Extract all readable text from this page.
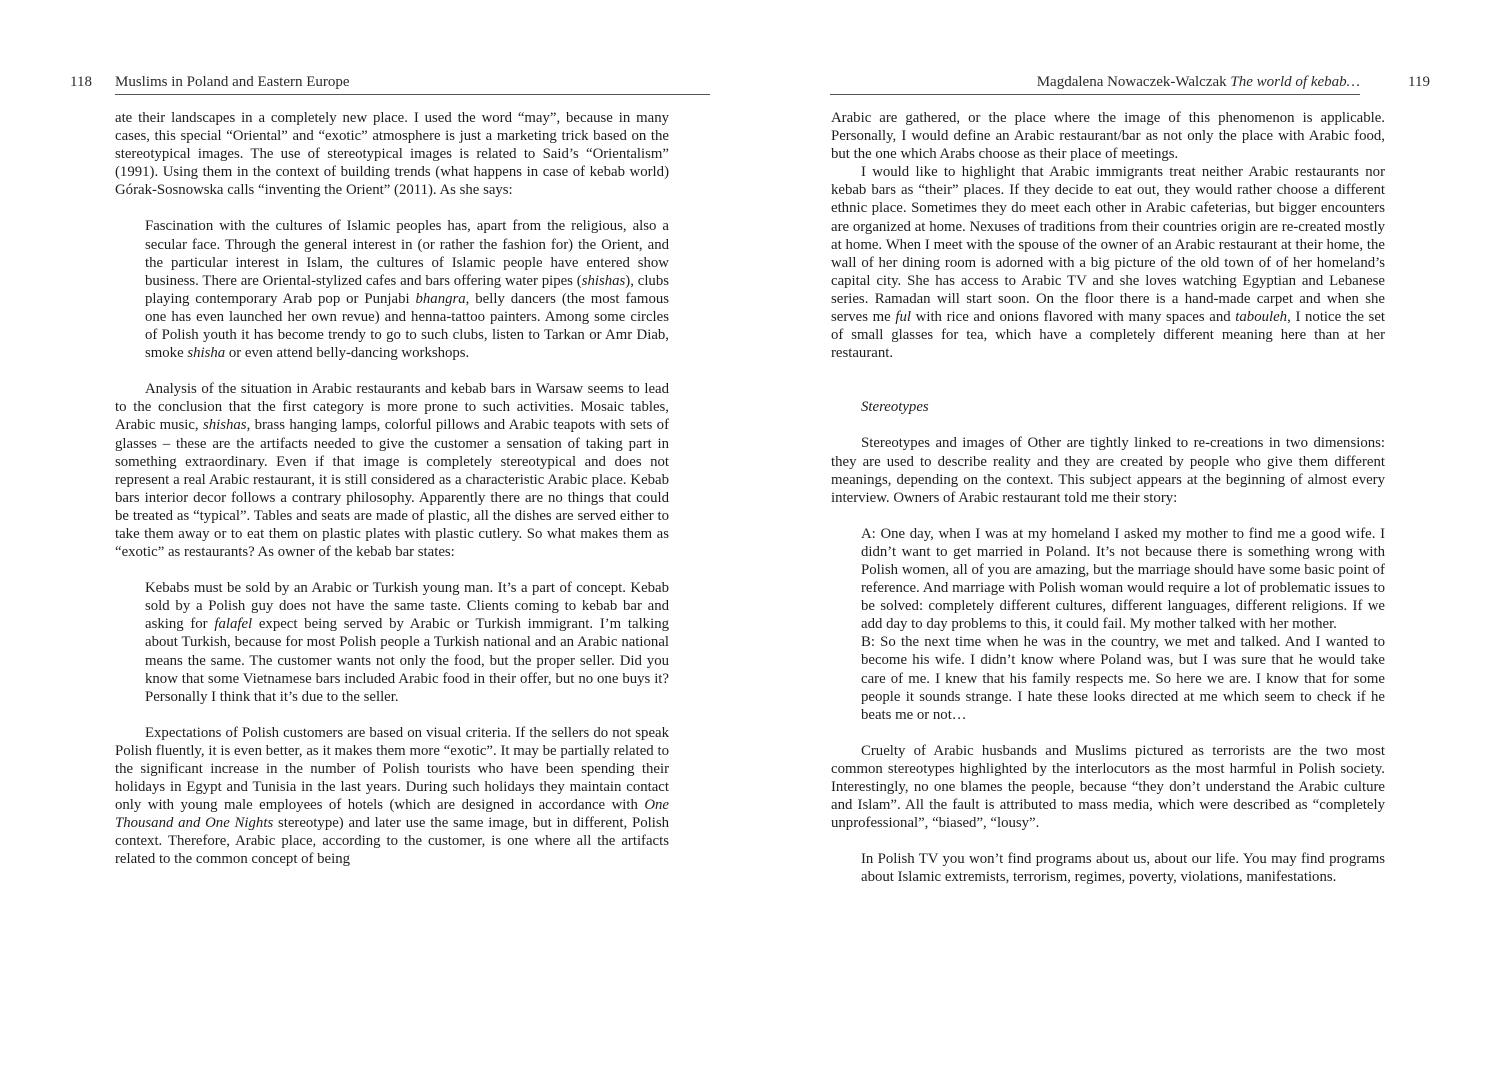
118 Muslims in Poland and Eastern Europe

ate their landscapes in a completely new place. I used the word “may”, because in many cases, this special “Oriental” and “exotic” atmosphere is just a marketing trick based on the stereotypical images. The use of stereotypical images is related to Said’s “Orientalism” (1991). Using them in the context of building trends (what happens in case of kebab world) Górak-Sosnowska calls “inventing the Orient” (2011). As she says:

Fascination with the cultures of Islamic peoples has, apart from the religious, also a secular face. Through the general interest in (or rather the fashion for) the Orient, and the particular interest in Islam, the cultures of Islamic people have entered show business. There are Oriental-stylized cafes and bars offering water pipes (shishas), clubs playing contemporary Arab pop or Punjabi bhangra, belly dancers (the most famous one has even launched her own revue) and henna-tattoo painters. Among some circles of Polish youth it has become trendy to go to such clubs, listen to Tarkan or Amr Diab, smoke shisha or even attend belly-dancing workshops.

Analysis of the situation in Arabic restaurants and kebab bars in Warsaw seems to lead to the conclusion that the first category is more prone to such activities. Mosaic tables, Arabic music, shishas, brass hanging lamps, colorful pillows and Arabic teapots with sets of glasses – these are the artifacts needed to give the customer a sensation of taking part in something extraordinary. Even if that image is completely stereotypical and does not represent a real Arabic restaurant, it is still considered as a characteristic Arabic place. Kebab bars interior decor follows a contrary philosophy. Apparently there are no things that could be treated as “typical”. Tables and seats are made of plastic, all the dishes are served either to take them away or to eat them on plastic plates with plastic cutlery. So what makes them as “exotic” as restaurants? As owner of the kebab bar states:

Kebabs must be sold by an Arabic or Turkish young man. It’s a part of concept. Kebab sold by a Polish guy does not have the same taste. Clients coming to kebab bar and asking for falafel expect being served by Arabic or Turkish immigrant. I’m talking about Turkish, because for most Polish people a Turkish national and an Arabic national means the same. The customer wants not only the food, but the proper seller. Did you know that some Vietnamese bars included Arabic food in their offer, but no one buys it? Personally I think that it’s due to the seller.

Expectations of Polish customers are based on visual criteria. If the sellers do not speak Polish fluently, it is even better, as it makes them more “exotic”. It may be partially related to the significant increase in the number of Polish tourists who have been spending their holidays in Egypt and Tunisia in the last years. During such holidays they maintain contact only with young male employees of hotels (which are designed in accordance with One Thousand and One Nights stereotype) and later use the same image, but in different, Polish context. Therefore, Arabic place, according to the customer, is one where all the artifacts related to the common concept of being

Magdalena Nowaczek-Walczak The world of kebab…	119

Arabic are gathered, or the place where the image of this phenomenon is applicable. Personally, I would define an Arabic restaurant/bar as not only the place with Arabic food, but the one which Arabs choose as their place of meetings.

I would like to highlight that Arabic immigrants treat neither Arabic restaurants nor kebab bars as “their” places. If they decide to eat out, they would rather choose a different ethnic place. Sometimes they do meet each other in Arabic cafeterias, but bigger encounters are organized at home. Nexuses of traditions from their countries origin are re-created mostly at home. When I meet with the spouse of the owner of an Arabic restaurant at their home, the wall of her dining room is adorned with a big picture of the old town of of her homeland’s capital city. She has access to Arabic TV and she loves watching Egyptian and Lebanese series. Ramadan will start soon. On the floor there is a hand-made carpet and when she serves me ful with rice and onions flavored with many spaces and tabouleh, I notice the set of small glasses for tea, which have a completely different meaning here than at her restaurant.

Stereotypes

Stereotypes and images of Other are tightly linked to re-creations in two dimensions: they are used to describe reality and they are created by people who give them different meanings, depending on the context. This subject appears at the beginning of almost every interview. Owners of Arabic restaurant told me their story:

A: One day, when I was at my homeland I asked my mother to find me a good wife. I didn’t want to get married in Poland. It’s not because there is something wrong with Polish women, all of you are amazing, but the marriage should have some basic point of reference. And marriage with Polish woman would require a lot of problematic issues to be solved: completely different cultures, different languages, different religions. If we add day to day problems to this, it could fail. My mother talked with her mother.

B: So the next time when he was in the country, we met and talked. And I wanted to become his wife. I didn’t know where Poland was, but I was sure that he would take care of me. I knew that his family respects me. So here we are. I know that for some people it sounds strange. I hate these looks directed at me which seem to check if he beats me or not…

Cruelty of Arabic husbands and Muslims pictured as terrorists are the two most common stereotypes highlighted by the interlocutors as the most harmful in Polish society. Interestingly, no one blames the people, because “they don’t understand the Arabic culture and Islam”. All the fault is attributed to mass media, which were described as “completely unprofessional”, “biased”, “lousy”.

In Polish TV you won’t find programs about us, about our life. You may find programs about Islamic extremists, terrorism, regimes, poverty, violations, manifestations.
